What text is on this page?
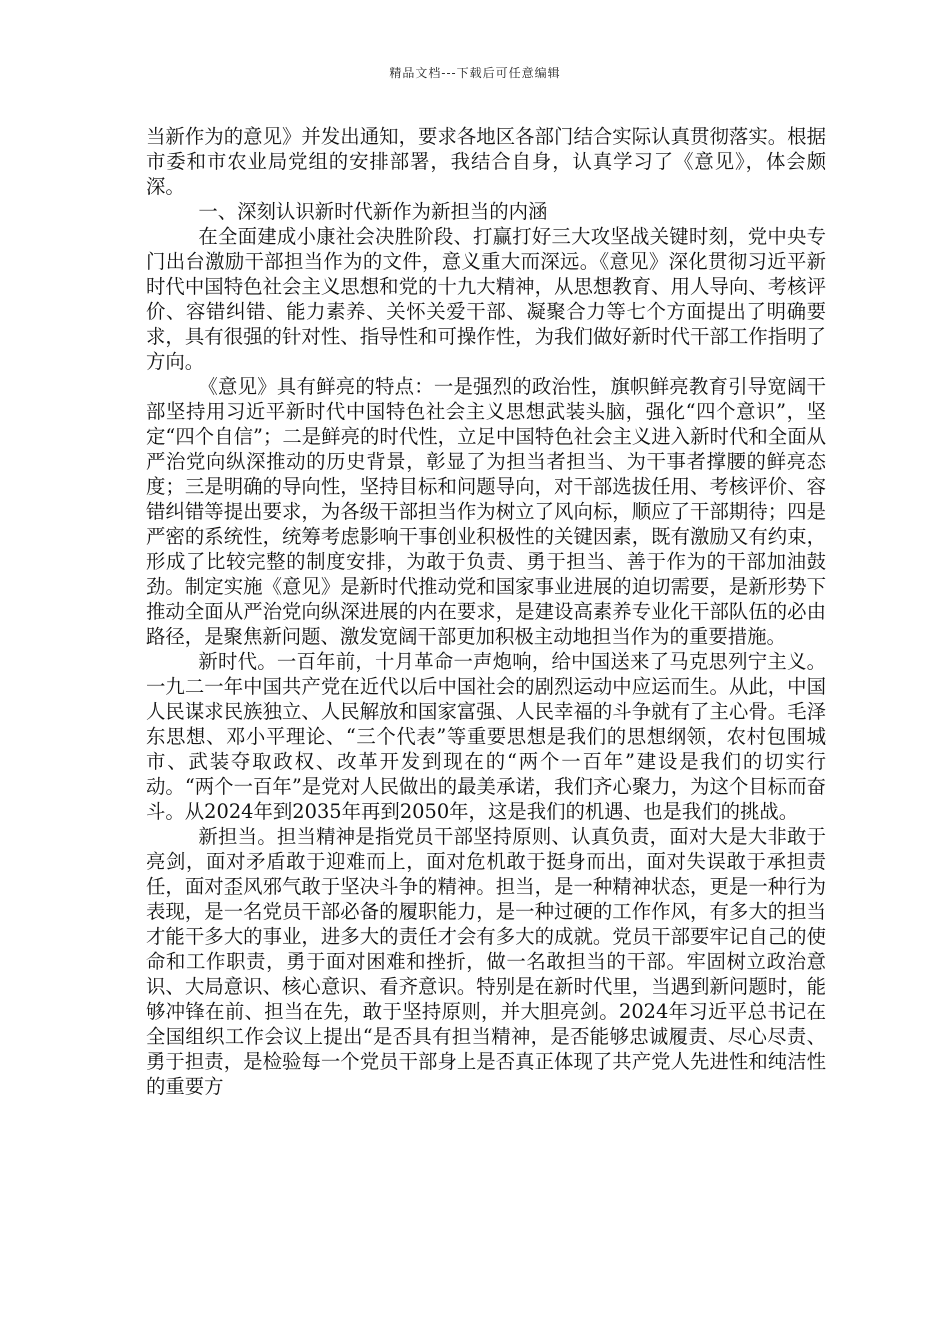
精品文档---下载后可任意编辑

当新作为的意见》并发出通知，要求各地区各部门结合实际认真贯彻落实。根据市委和市农业局党组的安排部署，我结合自身，认真学习了《意见》，体会颇深。

一、深刻认识新时代新作为新担当的内涵

在全面建成小康社会决胜阶段、打赢打好三大攻坚战关键时刻，党中央专门出台激励干部担当作为的文件，意义重大而深远。《意见》深化贯彻习近平新时代中国特色社会主义思想和党的十九大精神，从思想教育、用人导向、考核评价、容错纠错、能力素养、关怀关爱干部、凝聚合力等七个方面提出了明确要求，具有很强的针对性、指导性和可操作性，为我们做好新时代干部工作指明了方向。

《意见》具有鲜亮的特点：一是强烈的政治性，旗帜鲜亮教育引导宽阔干部坚持用习近平新时代中国特色社会主义思想武装头脑，强化“四个意识”，坚定“四个自信”；二是鲜亮的时代性，立足中国特色社会主义进入新时代和全面从严治党向纵深推动的历史背景，彰显了为担当者担当、为干事者撑腰的鲜亮态度；三是明确的导向性，坚持目标和问题导向，对干部选拔任用、考核评价、容错纠错等提出要求，为各级干部担当作为树立了风向标，顺应了干部期待；四是严密的系统性，统筹考虑影响干事创业积极性的关键因素，既有激励又有约束，形成了比较完整的制度安排，为敢于负责、勇于担当、善于作为的干部加油鼓劲。制定实施《意见》是新时代推动党和国家事业进展的迫切需要，是新形势下推动全面从严治党向纵深进展的内在要求，是建设高素养专业化干部队伍的必由路径，是聚焦新问题、激发宽阔干部更加积极主动地担当作为的重要措施。

新时代。一百年前，十月革命一声炮响，给中国送来了马克思列宁主义。一九二一年中国共产党在近代以后中国社会的剧烈运动中应运而生。从此，中国人民谋求民族独立、人民解放和国家富强、人民幸福的斗争就有了主心骨。毛泽东思想、邓小平理论、“三个代表”等重要思想是我们的思想纲领，农村包围城市、武装夺取政权、改革开发到现在的“两个一百年”建设是我们的切实行动。“两个一百年”是党对人民做出的最美承诺，我们齐心聚力，为这个目标而奋斗。从2024年到2035年再到2050年，这是我们的机遇、也是我们的挑战。

新担当。担当精神是指党员干部坚持原则、认真负责，面对大是大非敢于亮剑，面对矛盾敢于迎难而上，面对危机敢于挺身而出，面对失误敢于承担责任，面对歪风邪气敢于坚决斗争的精神。担当，是一种精神状态，更是一种行为表现，是一名党员干部必备的履职能力，是一种过硬的工作作风，有多大的担当才能干多大的事业，进多大的责任才会有多大的成就。党员干部要牢记自己的使命和工作职责，勇于面对困难和挫折，做一名敢担当的干部。牢固树立政治意识、大局意识、核心意识、看齐意识。特别是在新时代里，当遇到新问题时，能够冲锋在前、担当在先，敢于坚持原则，并大胆亮剑。2024年习近平总书记在全国组织工作会议上提出“是否具有担当精神，是否能够忠诚履责、尽心尽责、勇于担责，是检验每一个党员干部身上是否真正体现了共产党人先进性和纯洁性的重要方
